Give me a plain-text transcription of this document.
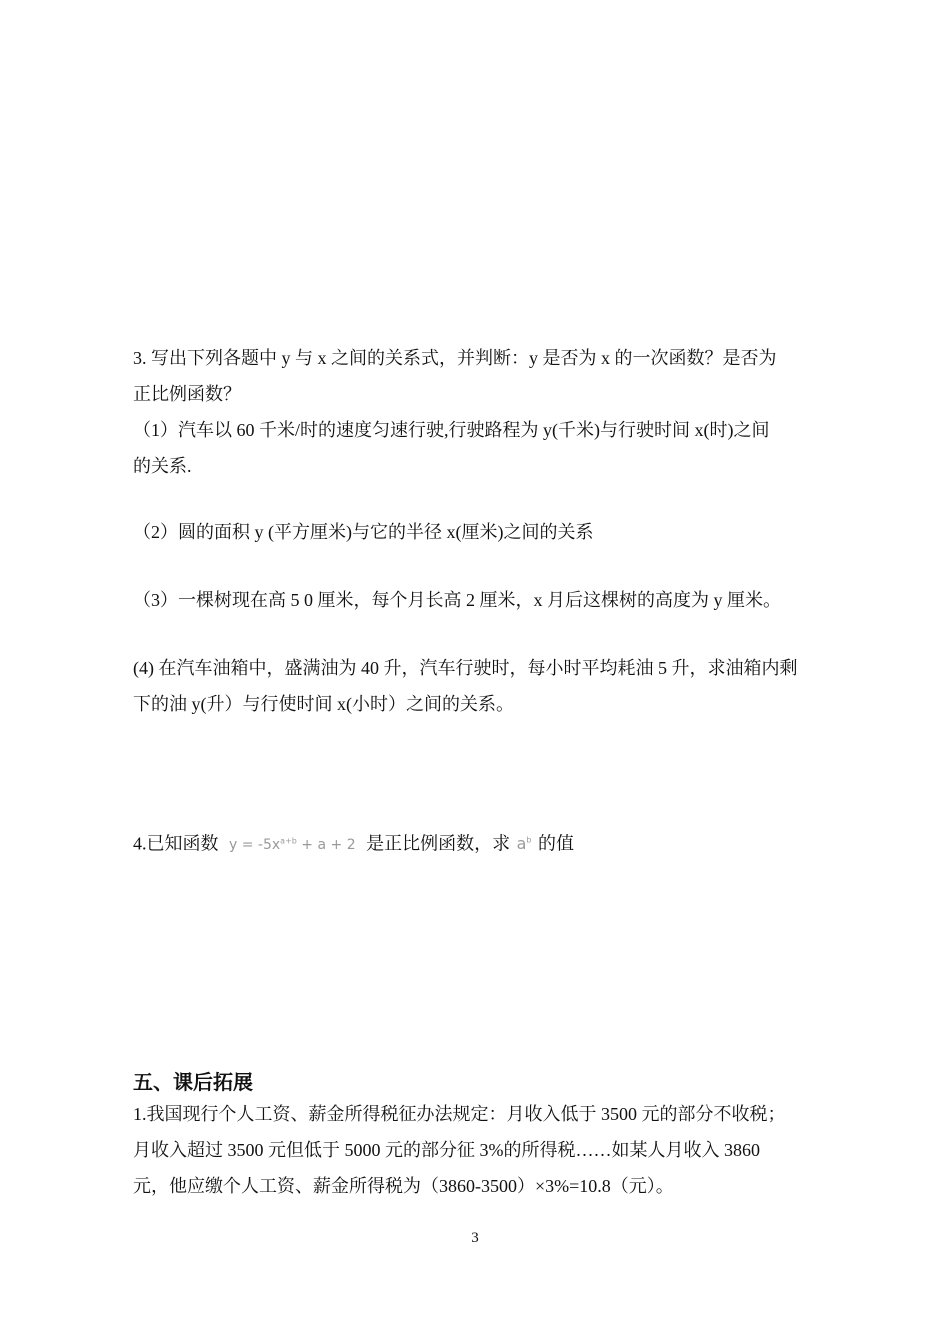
3. 写出下列各题中 y 与 x 之间的关系式，并判断：y 是否为 x 的一次函数？是否为
正比例函数？
（1）汽车以 60 千米/时的速度匀速行驶,行驶路程为 y(千米)与行驶时间 x(时)之间
的关系.
（2）圆的面积 y (平方厘米)与它的半径 x(厘米)之间的关系
（3）一棵树现在高 5 0 厘米，每个月长高 2 厘米，x 月后这棵树的高度为 y 厘米。
(4) 在汽车油箱中，盛满油为 40 升，汽车行驶时，每小时平均耗油 5 升，求油箱内剩
下的油 y(升）与行使时间 x(小时）之间的关系。
4.已知函数 $y = -5x^{a+b} + a + 2$ 是正比例函数，求 $a^b$ 的值
五、课后拓展
1.我国现行个人工资、薪金所得税征办法规定：月收入低于 3500 元的部分不收税；
月收入超过 3500 元但低于 5000 元的部分征 3%的所得税……如某人月收入 3860
元，他应缴个人工资、薪金所得税为（3860-3500）×3%=10.8（元）。
3
